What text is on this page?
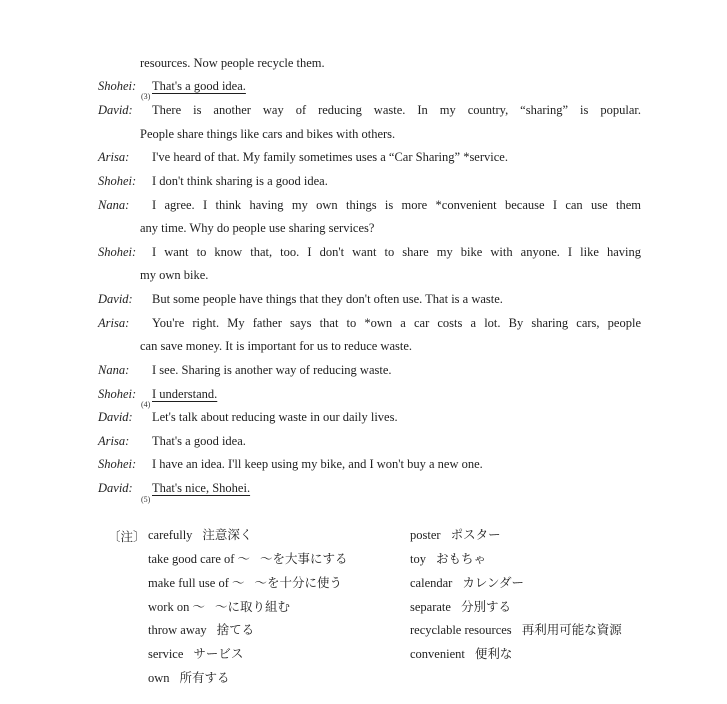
resources. Now people recycle them.
Shohei: That's a good idea.
(3)
David: There is another way of reducing waste. In my country, “sharing” is popular.
People share things like cars and bikes with others.
Arisa: I've heard of that. My family sometimes uses a “Car Sharing” *service.
Shohei: I don't think sharing is a good idea.
Nana: I agree. I think having my own things is more *convenient because I can use them
any time. Why do people use sharing services?
Shohei: I want to know that, too. I don't want to share my bike with anyone. I like having
my own bike.
David: But some people have things that they don't often use. That is a waste.
Arisa: You're right. My father says that to *own a car costs a lot. By sharing cars, people
can save money. It is important for us to reduce waste.
Nana: I see. Sharing is another way of reducing waste.
Shohei: I understand.
(4)
David: Let's talk about reducing waste in our daily lives.
Arisa: That's a good idea.
Shohei: I have an idea. I'll keep using my bike, and I won't buy a new one.
David: That's nice, Shohei.
(5)
〔注〕 carefully 注意深く
take good care of ～ ～を大事にする
make full use of ～ ～を十分に使う
work on ～ ～に取り組む
throw away 捨てる
service サービス
own 所有する
poster ポスター
toy おもちゃ
calendar カレンダー
separate 分別する
recyclable resources 再利用可能な資源
convenient 便利な
